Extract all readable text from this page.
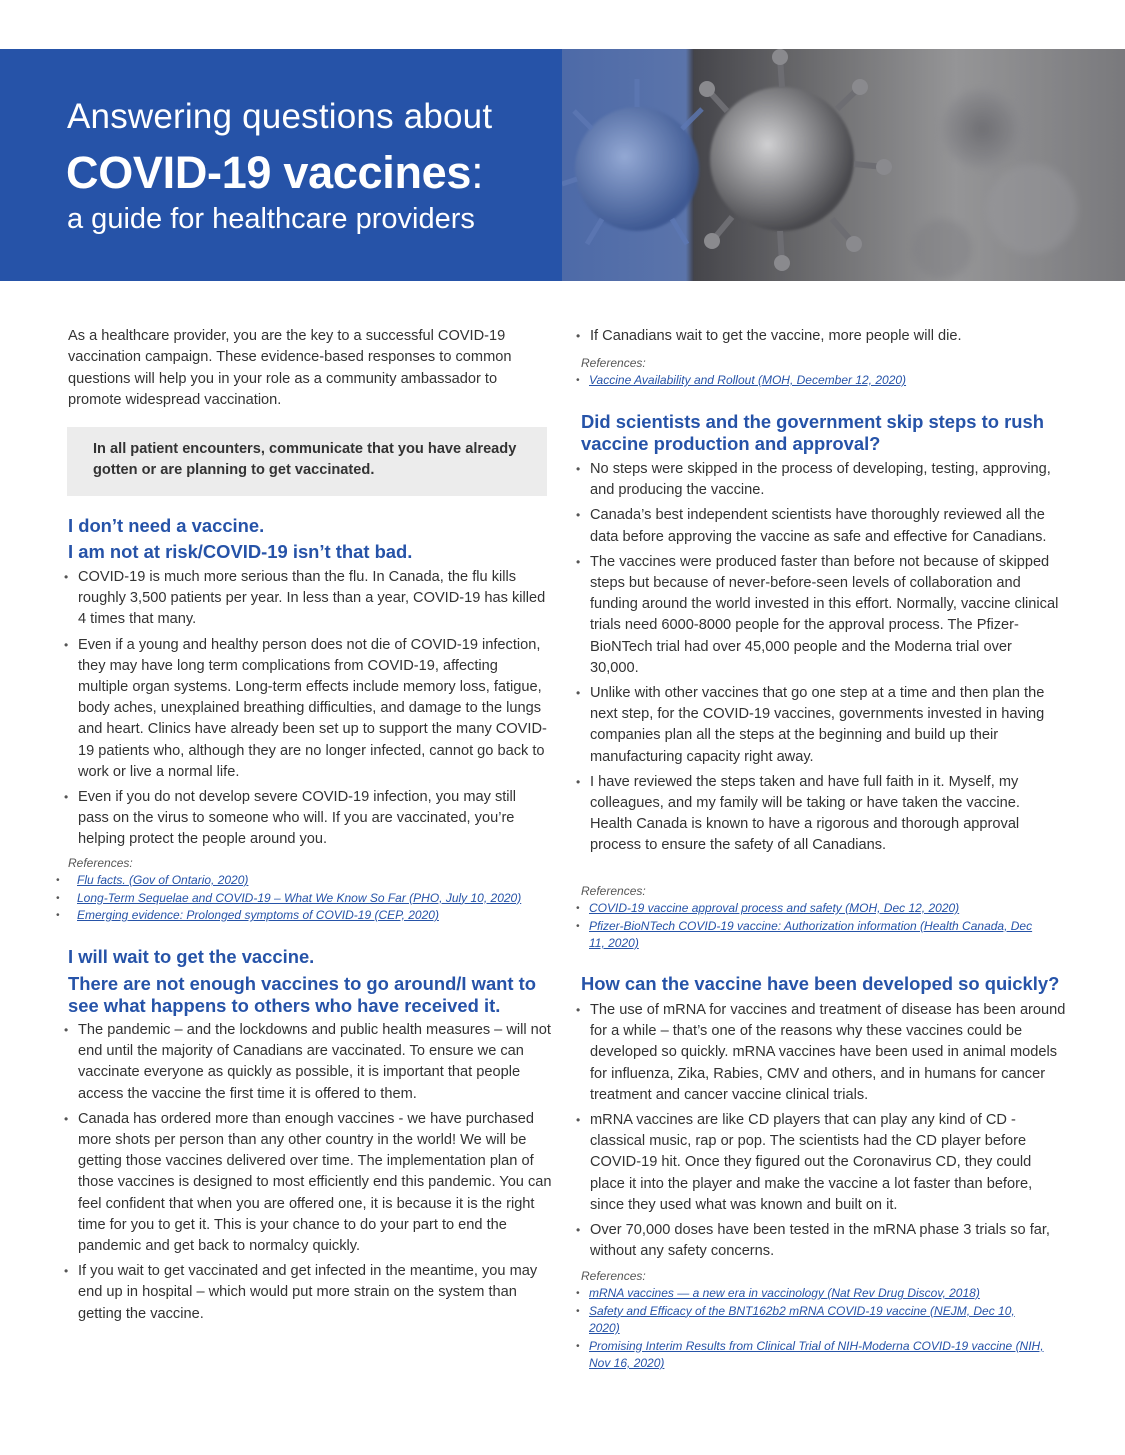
Answering questions about
COVID-19 vaccines:
a guide for healthcare providers

As a healthcare provider, you are the key to a successful COVID-19 vaccination campaign. These evidence-based responses to common questions will help you in your role as a community ambassador to promote widespread vaccination.

In all patient encounters, communicate that you have already gotten or are planning to get vaccinated.
I don’t need a vaccine.
I am not at risk/COVID-19 isn’t that bad.
• COVID-19 is much more serious than the flu. In Canada, the flu kills roughly 3,500 patients per year. In less than a year, COVID-19 has killed 4 times that many.
• Even if a young and healthy person does not die of COVID-19 infection, they may have long term complications from COVID-19, affecting multiple organ systems. Long-term effects include memory loss, fatigue, body aches, unexplained breathing difficulties, and damage to the lungs and heart. Clinics have already been set up to support the many COVID-19 patients who, although they are no longer infected, cannot go back to work or live a normal life.
• Even if you do not develop severe COVID-19 infection, you may still pass on the virus to someone who will. If you are vaccinated, you’re helping protect the people around you.

References:

• Flu facts. (Gov of Ontario, 2020)
• Long-Term Sequelae and COVID-19 – What We Know So Far (PHO, July 10, 2020)
• Emerging evidence: Prolonged symptoms of COVID-19 (CEP, 2020)
I will wait to get the vaccine.
There are not enough vaccines to go around/I want to see what happens to others who have received it.
• The pandemic – and the lockdowns and public health measures – will not end until the majority of Canadians are vaccinated. To ensure we can vaccinate everyone as quickly as possible, it is important that people access the vaccine the first time it is offered to them.
• Canada has ordered more than enough vaccines - we have purchased more shots per person than any other country in the world! We will be getting those vaccines delivered over time. The implementation plan of those vaccines is designed to most efficiently end this pandemic. You can feel confident that when you are offered one, it is because it is the right time for you to get it. This is your chance to do your part to end the pandemic and get back to normalcy quickly.
• If you wait to get vaccinated and get infected in the meantime, you may end up in hospital – which would put more strain on the system than getting the vaccine.
• If Canadians wait to get the vaccine, more people will die.

References:

• Vaccine Availability and Rollout (MOH, December 12, 2020)
Did scientists and the government skip steps to rush vaccine production and approval?
• No steps were skipped in the process of developing, testing, approving, and producing the vaccine.
• Canada’s best independent scientists have thoroughly reviewed all the data before approving the vaccine as safe and effective for Canadians.
• The vaccines were produced faster than before not because of skipped steps but because of never-before-seen levels of collaboration and funding around the world invested in this effort. Normally, vaccine clinical trials need 6000-8000 people for the approval process. The Pfizer-BioNTech trial had over 45,000 people and the Moderna trial over 30,000.
• Unlike with other vaccines that go one step at a time and then plan the next step, for the COVID-19 vaccines, governments invested in having companies plan all the steps at the beginning and build up their manufacturing capacity right away.
• I have reviewed the steps taken and have full faith in it. Myself, my colleagues, and my family will be taking or have taken the vaccine. Health Canada is known to have a rigorous and thorough approval process to ensure the safety of all Canadians.

References:

• COVID-19 vaccine approval process and safety (MOH, Dec 12, 2020)
• Pfizer-BioNTech COVID-19 vaccine: Authorization information (Health Canada, Dec 11, 2020)
How can the vaccine have been developed so quickly?
• The use of mRNA for vaccines and treatment of disease has been around for a while – that’s one of the reasons why these vaccines could be developed so quickly. mRNA vaccines have been used in animal models for influenza, Zika, Rabies, CMV and others, and in humans for cancer treatment and cancer vaccine clinical trials.
• mRNA vaccines are like CD players that can play any kind of CD - classical music, rap or pop. The scientists had the CD player before COVID-19 hit. Once they figured out the Coronavirus CD, they could place it into the player and make the vaccine a lot faster than before, since they used what was known and built on it.
• Over 70,000 doses have been tested in the mRNA phase 3 trials so far, without any safety concerns.

References:

• mRNA vaccines — a new era in vaccinology (Nat Rev Drug Discov, 2018)
• Safety and Efficacy of the BNT162b2 mRNA COVID-19 vaccine (NEJM, Dec 10, 2020)
• Promising Interim Results from Clinical Trial of NIH-Moderna COVID-19 vaccine (NIH, Nov 16, 2020)
